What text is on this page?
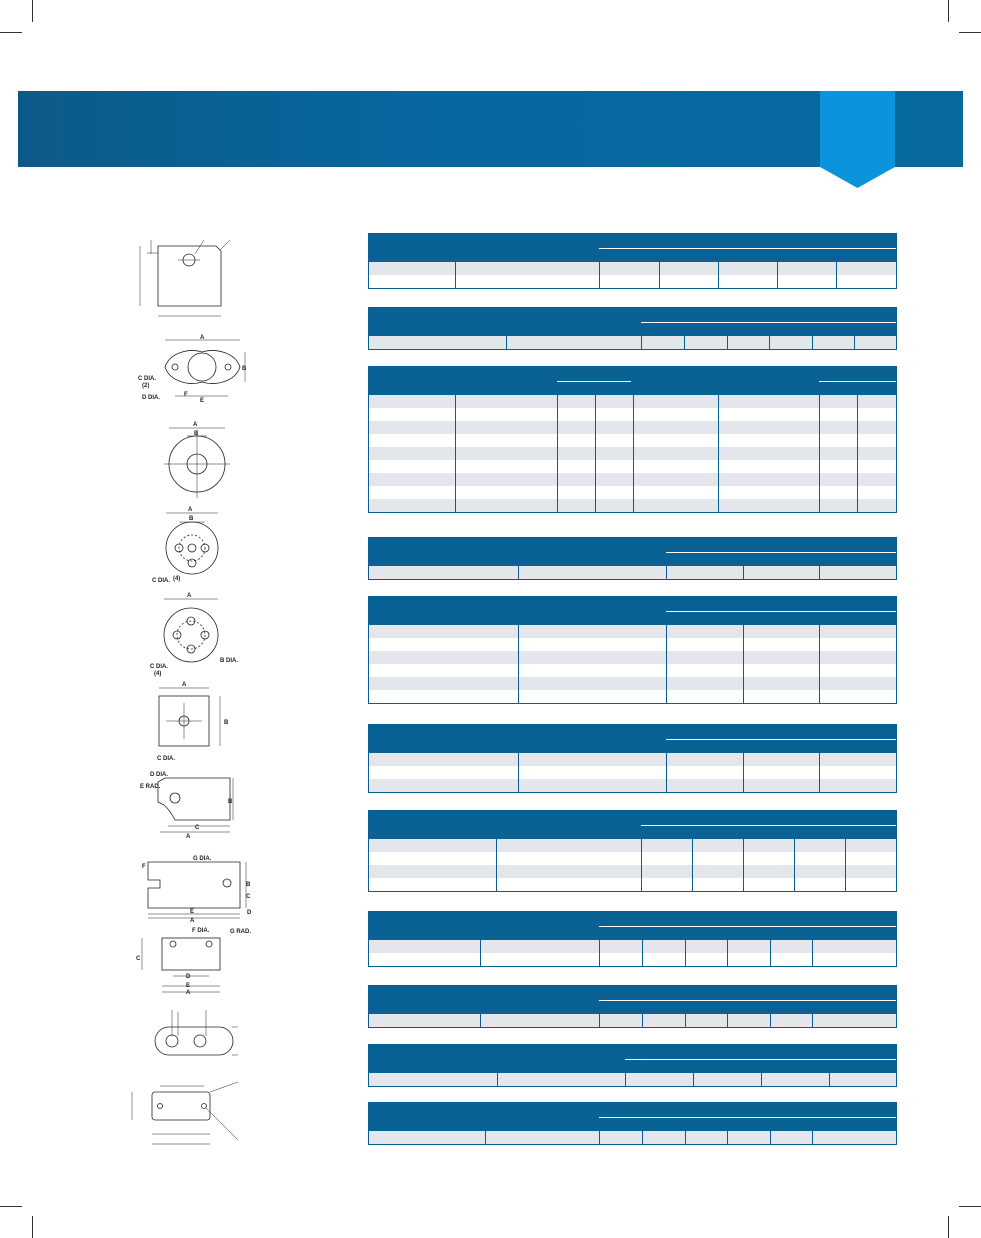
A
B
C DIA.
(2)
D DIA.	F
E
A
B
A
B
C DIA. (4)
A
C DIA.
(4)
B DIA.
A
B
C DIA.
D DIA.
E RAD.
B
C
A
G DIA.
F
B
C
D
E
A
F DIA.	G RAD.
C
D
E
A
